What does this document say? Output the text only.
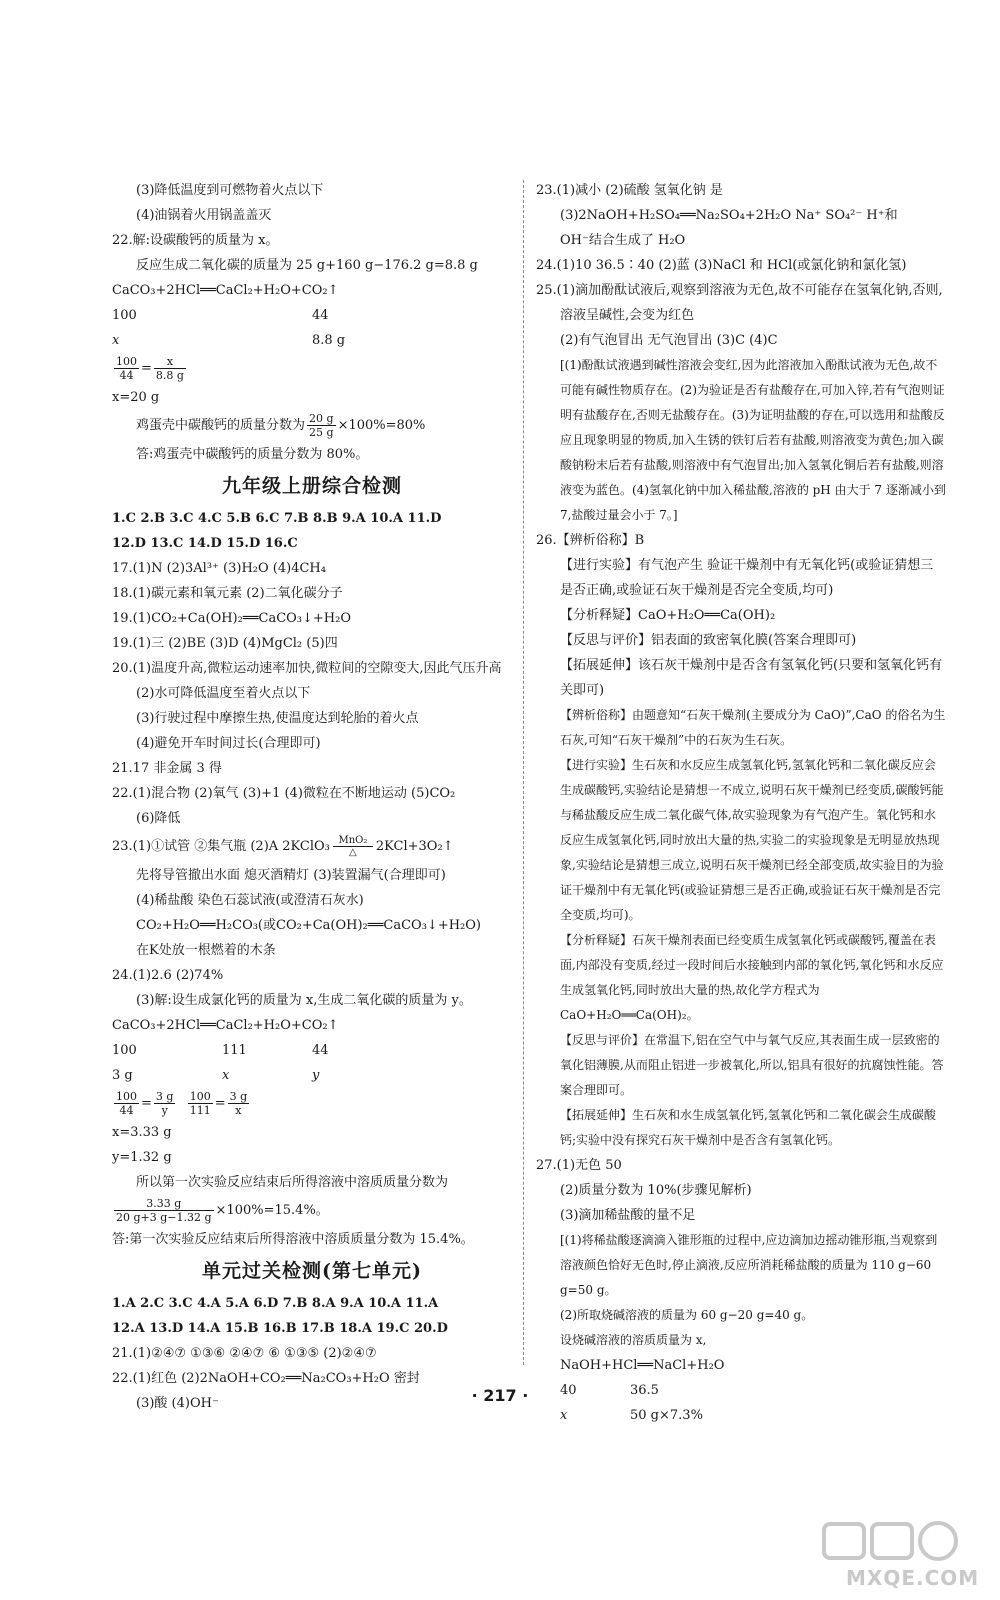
(3)降低温度到可燃物着火点以下
(4)油锅着火用锅盖盖灭
22.解:设碳酸钙的质量为 x。
反应生成二氧化碳的质量为 25 g+160 g−176.2 g=8.8 g
CaCO₃+2HCl══CaCl₂+H₂O+CO₂↑
100	44
x	8.8 g
$\frac{100}{44} = \frac{x}{8.8 g}$
x=20 g
鸡蛋壳中碳酸钙的质量分数为 $\frac{20 g}{25 g} \times 100\%=80\%$
答:鸡蛋壳中碳酸钙的质量分数为 80%。
九年级上册综合检测
1.C 2.B 3.C 4.C 5.B 6.C 7.B 8.B 9.A 10.A 11.D
12.D 13.C 14.D 15.D 16.C
17.(1)N (2)3Al³⁺ (3)H₂O (4)4CH₄
18.(1)碳元素和氧元素 (2)二氧化碳分子
19.(1)CO₂+Ca(OH)₂══CaCO₃↓+H₂O
19.(1)三 (2)BE (3)D (4)MgCl₂ (5)四
20.(1)温度升高,微粒运动速率加快,微粒间的空隙变大,因此气压升高
(2)水可降低温度至着火点以下
(3)行驶过程中摩擦生热,使温度达到轮胎的着火点
(4)避免开车时间过长(合理即可)
21.17 非金属 3 得
22.(1)混合物 (2)氧气 (3)+1 (4)微粒在不断地运动 (5)CO₂
(6)降低
23.(1)①试管 ②集气瓶 (2)A 2KClO₃ MnO₂
△ 2KCl+3O₂↑
先将导管撤出水面 熄灭酒精灯 (3)装置漏气(合理即可)
(4)稀盐酸 染色石蕊试液(或澄清石灰水)
CO₂+H₂O══H₂CO₃(或CO₂+Ca(OH)₂══CaCO₃↓+H₂O)
在K处放一根燃着的木条
24.(1)2.6 (2)74%
(3)解:设生成氯化钙的质量为 x,生成二氧化碳的质量为 y。
CaCO₃+2HCl══CaCl₂+H₂O+CO₂↑
100	111	44
3 g	x	y
$\frac{100}{44} = \frac{3 g}{y}$
$\frac{100}{111} = \frac{3 g}{x}$
x=3.33 g
y=1.32 g
所以第一次实验反应结束后所得溶液中溶质质量分数为
$\frac{3.33 g}{20 g+3 g-1.32 g} \times 100\%=15.4\%$。
答:第一次实验反应结束后所得溶液中溶质质量分数为 15.4%。
单元过关检测(第七单元)
1.A 2.C 3.C 4.A 5.A 6.D 7.B 8.A 9.A 10.A 11.A
12.A 13.D 14.A 15.B 16.B 17.B 18.A 19.C 20.D
21.(1)②④⑦ ①③⑥ ②④⑦ ⑥ ①③⑤ (2)②④⑦
22.(1)红色 (2)2NaOH+CO₂══Na₂CO₃+H₂O 密封
(3)酸 (4)OH⁻
23.(1)减小 (2)硫酸 氢氧化钠 是
(3)2NaOH+H₂SO₄══Na₂SO₄+2H₂O Na⁺ SO₄²⁻ H⁺和
OH⁻结合生成了 H₂O
24.(1)10 36.5∶40 (2)蓝 (3)NaCl 和 HCl(或氯化钠和氯化氢)
25.(1)滴加酚酞试液后,观察到溶液为无色,故不可能存在氢氧化钠,否则,溶液呈碱性,会变为红色
(2)有气泡冒出 无气泡冒出 (3)C (4)C
[(1)酚酞试液遇到碱性溶液会变红,因为此溶液加入酚酞试液为无色,故不可能有碱性物质存在。(2)为验证是否有盐酸存在,可加入锌,若有气泡则证明有盐酸存在,否则无盐酸存在。(3)为证明盐酸的存在,可以选用和盐酸反应且现象明显的物质,加入生锈的铁钉后若有盐酸,则溶液变为黄色;加入碳酸钠粉末后若有盐酸,则溶液中有气泡冒出;加入氢氧化铜后若有盐酸,则溶液变为蓝色。(4)氢氧化钠中加入稀盐酸,溶液的 pH 由大于 7 逐渐减小到 7,盐酸过量会小于 7。]
26.【辨析俗称】B
【进行实验】有气泡产生 验证干燥剂中有无氧化钙(或验证猜想三是否正确,或验证石灰干燥剂是否完全变质,均可)
【分析释疑】CaO+H₂O══Ca(OH)₂
【反思与评价】铝表面的致密氧化膜(答案合理即可)
【拓展延伸】该石灰干燥剂中是否含有氢氧化钙(只要和氢氧化钙有关即可)
【辨析俗称】由题意知“石灰干燥剂(主要成分为 CaO)”,CaO 的俗名为生石灰,可知“石灰干燥剂”中的石灰为生石灰。
【进行实验】生石灰和水反应生成氢氧化钙,氢氧化钙和二氧化碳反应会生成碳酸钙,实验结论是猜想一不成立,说明石灰干燥剂已经变质,碳酸钙能与稀盐酸反应生成二氧化碳气体,故实验现象为有气泡产生。氧化钙和水反应生成氢氧化钙,同时放出大量的热,实验二的实验现象是无明显放热现象,实验结论是猜想三成立,说明石灰干燥剂已经全部变质,故实验目的为验证干燥剂中有无氧化钙(或验证猜想三是否正确,或验证石灰干燥剂是否完全变质,均可)。
【分析释疑】石灰干燥剂表面已经变质生成氢氧化钙或碳酸钙,覆盖在表面,内部没有变质,经过一段时间后水接触到内部的氧化钙,氧化钙和水反应生成氢氧化钙,同时放出大量的热,故化学方程式为 CaO+H₂O══Ca(OH)₂。
【反思与评价】在常温下,铝在空气中与氧气反应,其表面生成一层致密的氧化铝薄膜,从而阻止铝进一步被氧化,所以,铝具有很好的抗腐蚀性能。答案合理即可。
【拓展延伸】生石灰和水生成氢氧化钙,氢氧化钙和二氧化碳会生成碳酸钙;实验中没有探究石灰干燥剂中是否含有氢氧化钙。
27.(1)无色 50
(2)质量分数为 10%(步骤见解析)
(3)滴加稀盐酸的量不足
[(1)将稀盐酸逐滴滴入锥形瓶的过程中,应边滴加边摇动锥形瓶,当观察到溶液颜色恰好无色时,停止滴液,反应所消耗稀盐酸的质量为 110 g−60 g=50 g。
(2)所取烧碱溶液的质量为 60 g−20 g=40 g。
设烧碱溶液的溶质质量为 x,
NaOH+HCl══NaCl+H₂O
40	36.5
x	50 g×7.3%
· 217 ·
MXQE.COM
